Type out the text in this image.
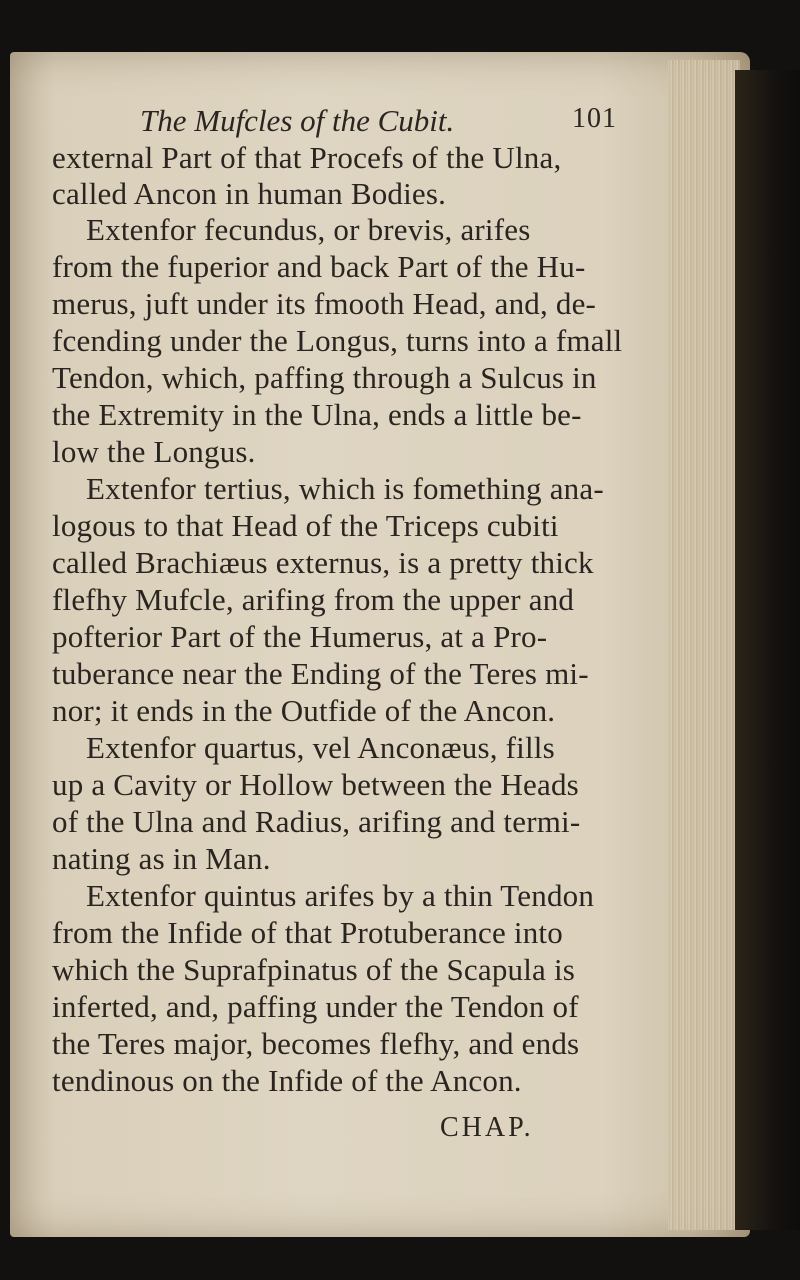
The Mufcles of the Cubit.	101
external Part of that Procefs of the Ulna,
called Ancon in human Bodies.
Extenfor fecundus, or brevis, arifes
from the fuperior and back Part of the Hu-
merus, juft under its fmooth Head, and, de-
fcending under the Longus, turns into a fmall
Tendon, which, paffing through a Sulcus in
the Extremity in the Ulna, ends a little be-
low the Longus.
Extenfor tertius, which is fomething ana-
logous to that Head of the Triceps cubiti
called Brachiæus externus, is a pretty thick
flefhy Mufcle, arifing from the upper and
pofterior Part of the Humerus, at a Pro-
tuberance near the Ending of the Teres mi-
nor; it ends in the Outfide of the Ancon.
Extenfor quartus, vel Anconæus, fills
up a Cavity or Hollow between the Heads
of the Ulna and Radius, arifing and termi-
nating as in Man.
Extenfor quintus arifes by a thin Tendon
from the Infide of that Protuberance into
which the Suprafpinatus of the Scapula is
inferted, and, paffing under the Tendon of
the Teres major, becomes flefhy, and ends
tendinous on the Infide of the Ancon.
CHAP.
